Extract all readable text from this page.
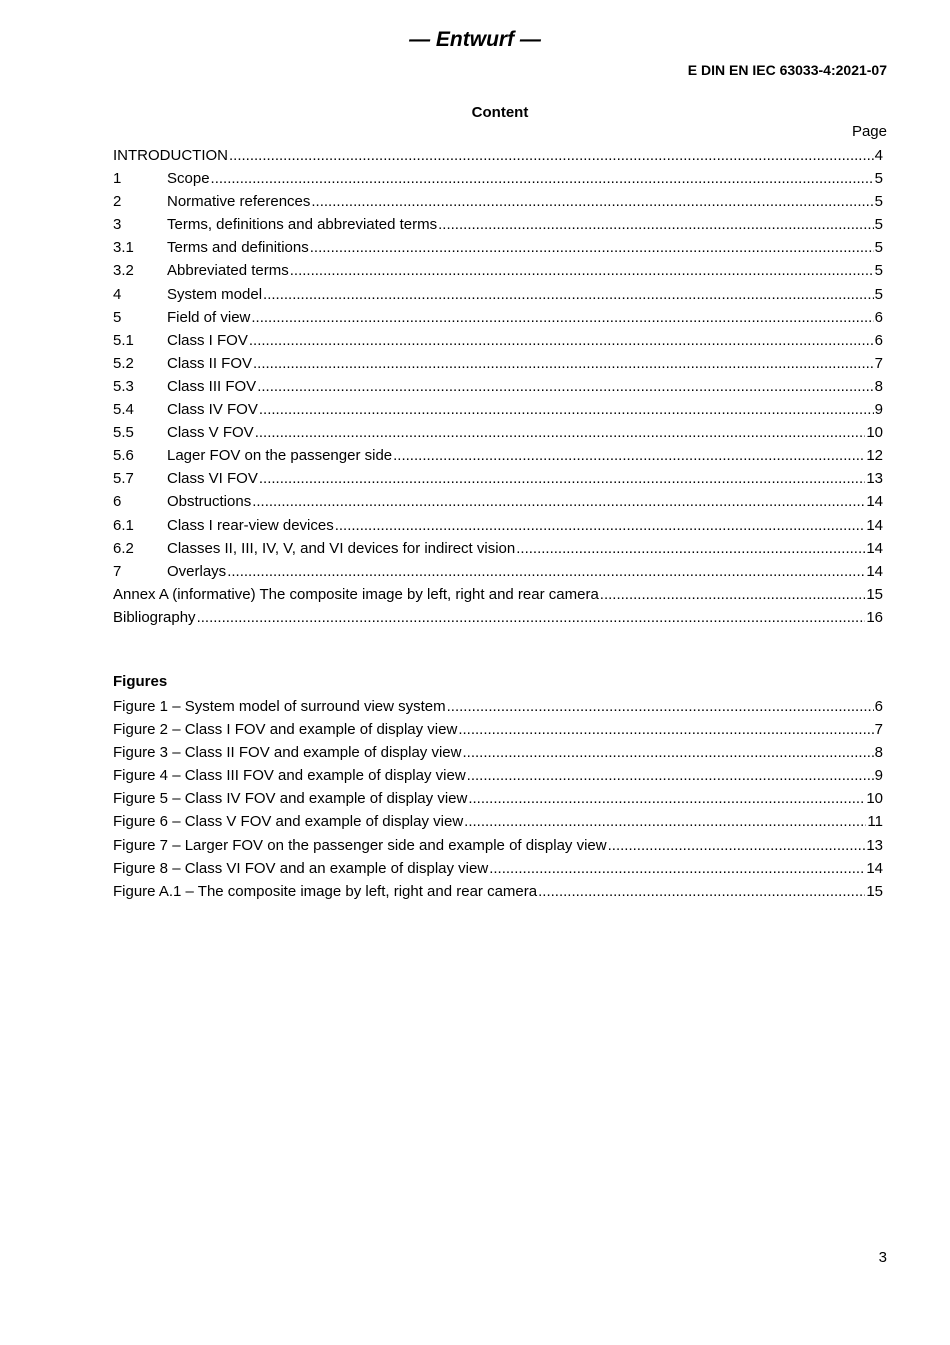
— Entwurf —
E DIN EN IEC 63033-4:2021-07
Content
Page
INTRODUCTION .....	4
1	Scope .....	5
2	Normative references .....	5
3	Terms, definitions and abbreviated terms .....	5
3.1	Terms and definitions .....	5
3.2	Abbreviated terms .....	5
4	System model .....	5
5	Field of view .....	6
5.1	Class I FOV .....	6
5.2	Class II FOV .....	7
5.3	Class III FOV .....	8
5.4	Class IV FOV .....	9
5.5	Class V FOV .....	10
5.6	Lager FOV on the passenger side .....	12
5.7	Class VI FOV .....	13
6	Obstructions .....	14
6.1	Class I rear-view devices .....	14
6.2	Classes II, III, IV, V, and VI devices for indirect vision .....	14
7	Overlays .....	14
Annex A (informative) The composite image by left, right and rear camera .....	15
Bibliography .....	16
Figures
Figure 1 – System model of surround view system .....	6
Figure 2 – Class I FOV and example of display view .....	7
Figure 3 – Class II FOV and example of display view .....	8
Figure 4 – Class III FOV and example of display view .....	9
Figure 5 – Class IV FOV and example of display view .....	10
Figure 6 – Class V FOV and example of display view .....	11
Figure 7 – Larger FOV on the passenger side and example of display view .....	13
Figure 8 – Class VI FOV and an example of display view .....	14
Figure A.1 – The composite image by left, right and rear camera .....	15
3
